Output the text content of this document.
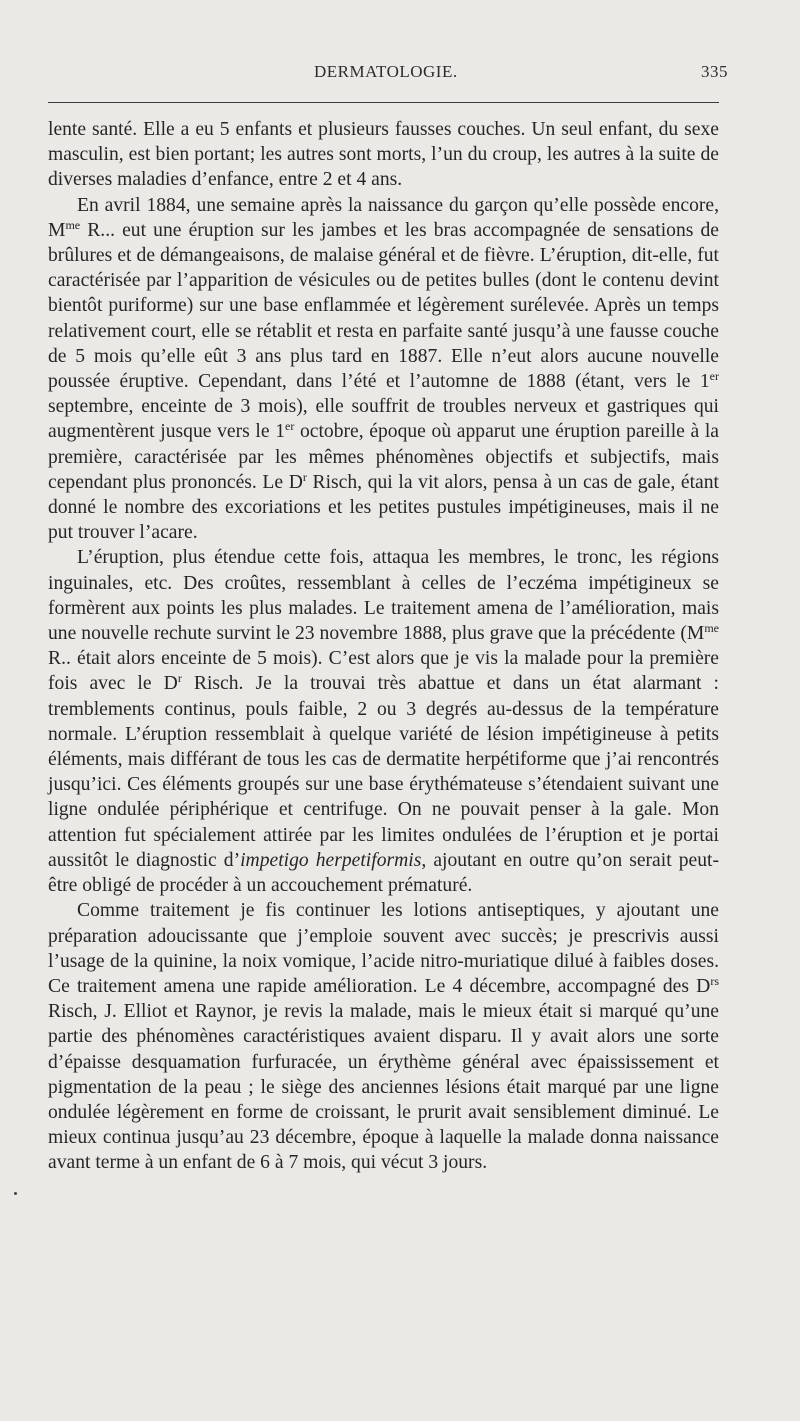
DERMATOLOGIE.	335

lente santé. Elle a eu 5 enfants et plusieurs fausses couches. Un seul enfant, du sexe masculin, est bien portant; les autres sont morts, l’un du croup, les autres à la suite de diverses maladies d’enfance, entre 2 et 4 ans.

En avril 1884, une semaine après la naissance du garçon qu’elle possède encore, $M^{me}$ R... eut une éruption sur les jambes et les bras accompagnée de sensations de brûlures et de démangeaisons, de malaise général et de fièvre. L’éruption, dit-elle, fut caractérisée par l’apparition de vésicules ou de petites bulles (dont le contenu devint bientôt puriforme) sur une base enflammée et légèrement surélevée. Après un temps relativement court, elle se rétablit et resta en parfaite santé jusqu’à une fausse couche de 5 mois qu’elle eût 3 ans plus tard en 1887. Elle n’eut alors aucune nouvelle poussée éruptive. Cependant, dans l’été et l’automne de 1888 (étant, vers le 1er septembre, enceinte de 3 mois), elle souffrit de troubles nerveux et gastriques qui augmentèrent jusque vers le 1er octobre, époque où apparut une éruption pareille à la première, caractérisée par les mêmes phénomènes objectifs et subjectifs, mais cependant plus prononcés. Le $D^r$ Risch, qui la vit alors, pensa à un cas de gale, étant donné le nombre des excoriations et les petites pustules impétigineuses, mais il ne put trouver l’acare.

L’éruption, plus étendue cette fois, attaqua les membres, le tronc, les régions inguinales, etc. Des croûtes, ressemblant à celles de l’eczéma impétigineux se formèrent aux points les plus malades. Le traitement amena de l’amélioration, mais une nouvelle rechute survint le 23 novembre 1888, plus grave que la précédente ($M^{me}$ R.. était alors enceinte de 5 mois). C’est alors que je vis la malade pour la première fois avec le $D^r$ Risch. Je la trouvai très abattue et dans un état alarmant : tremblements continus, pouls faible, 2 ou 3 degrés au-dessus de la température normale. L’éruption ressemblait à quelque variété de lésion impétigineuse à petits éléments, mais différant de tous les cas de dermatite herpétiforme que j’ai rencontrés jusqu’ici. Ces éléments groupés sur une base érythémateuse s’étendaient suivant une ligne ondulée périphérique et centrifuge. On ne pouvait penser à la gale. Mon attention fut spécialement attirée par les limites ondulées de l’éruption et je portai aussitôt le diagnostic d’impetigo herpetiformis, ajoutant en outre qu’on serait peut-être obligé de procéder à un accouchement prématuré.

Comme traitement je fis continuer les lotions antiseptiques, y ajoutant une préparation adoucissante que j’emploie souvent avec succès; je prescrivis aussi l’usage de la quinine, la noix vomique, l’acide nitro-muriatique dilué à faibles doses. Ce traitement amena une rapide amélioration. Le 4 décembre, accompagné des $D^{rs}$ Risch, J. Elliot et Raynor, je revis la malade, mais le mieux était si marqué qu’une partie des phénomènes caractéristiques avaient disparu. Il y avait alors une sorte d’épaisse desquamation furfuracée, un érythème général avec épaississement et pigmentation de la peau ; le siège des anciennes lésions était marqué par une ligne ondulée légèrement en forme de croissant, le prurit avait sensiblement diminué. Le mieux continua jusqu’au 23 décembre, époque à laquelle la malade donna naissance avant terme à un enfant de 6 à 7 mois, qui vécut 3 jours.
